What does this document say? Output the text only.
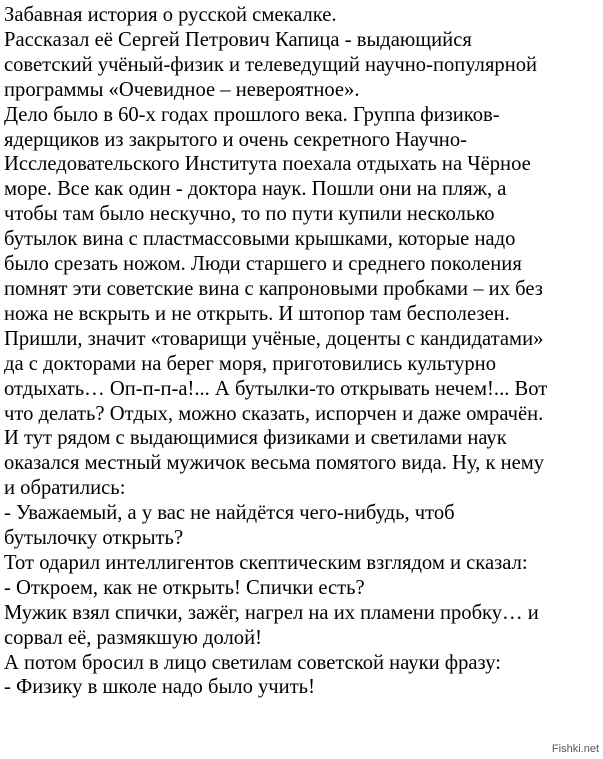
Забавная история о русской смекалке.
Рассказал её Сергей Петрович Капица - выдающийся
советский учёный-физик и телеведущий научно-популярной
программы «Очевидное – невероятное».
Дело было в 60-х годах прошлого века. Группа физиков-
ядерщиков из закрытого и очень секретного Научно-
Исследовательского Института поехала отдыхать на Чёрное
море. Все как один - доктора наук. Пошли они на пляж, а
чтобы там было нескучно, то по пути купили несколько
бутылок вина с пластмассовыми крышками, которые надо
было срезать ножом. Люди старшего и среднего поколения
помнят эти советские вина с капроновыми пробками – их без
ножа не вскрыть и не открыть. И штопор там бесполезен.
Пришли, значит «товарищи учёные, доценты с кандидатами»
да с докторами на берег моря, приготовились культурно
отдыхать… Оп-п-п-а!... А бутылки-то открывать нечем!... Вот
что делать? Отдых, можно сказать, испорчен и даже омрачён.
И тут рядом с выдающимися физиками и светилами наук
оказался местный мужичок весьма помятого вида. Ну, к нему
и обратились:
- Уважаемый, а у вас не найдётся чего-нибудь, чтоб
бутылочку открыть?
Тот одарил интеллигентов скептическим взглядом и сказал:
- Откроем, как не открыть! Спички есть?
Мужик взял спички, зажёг, нагрел на их пламени пробку… и
сорвал её, размякшую долой!
А потом бросил в лицо светилам советской науки фразу:
- Физику в школе надо было учить!
Fishki.net
